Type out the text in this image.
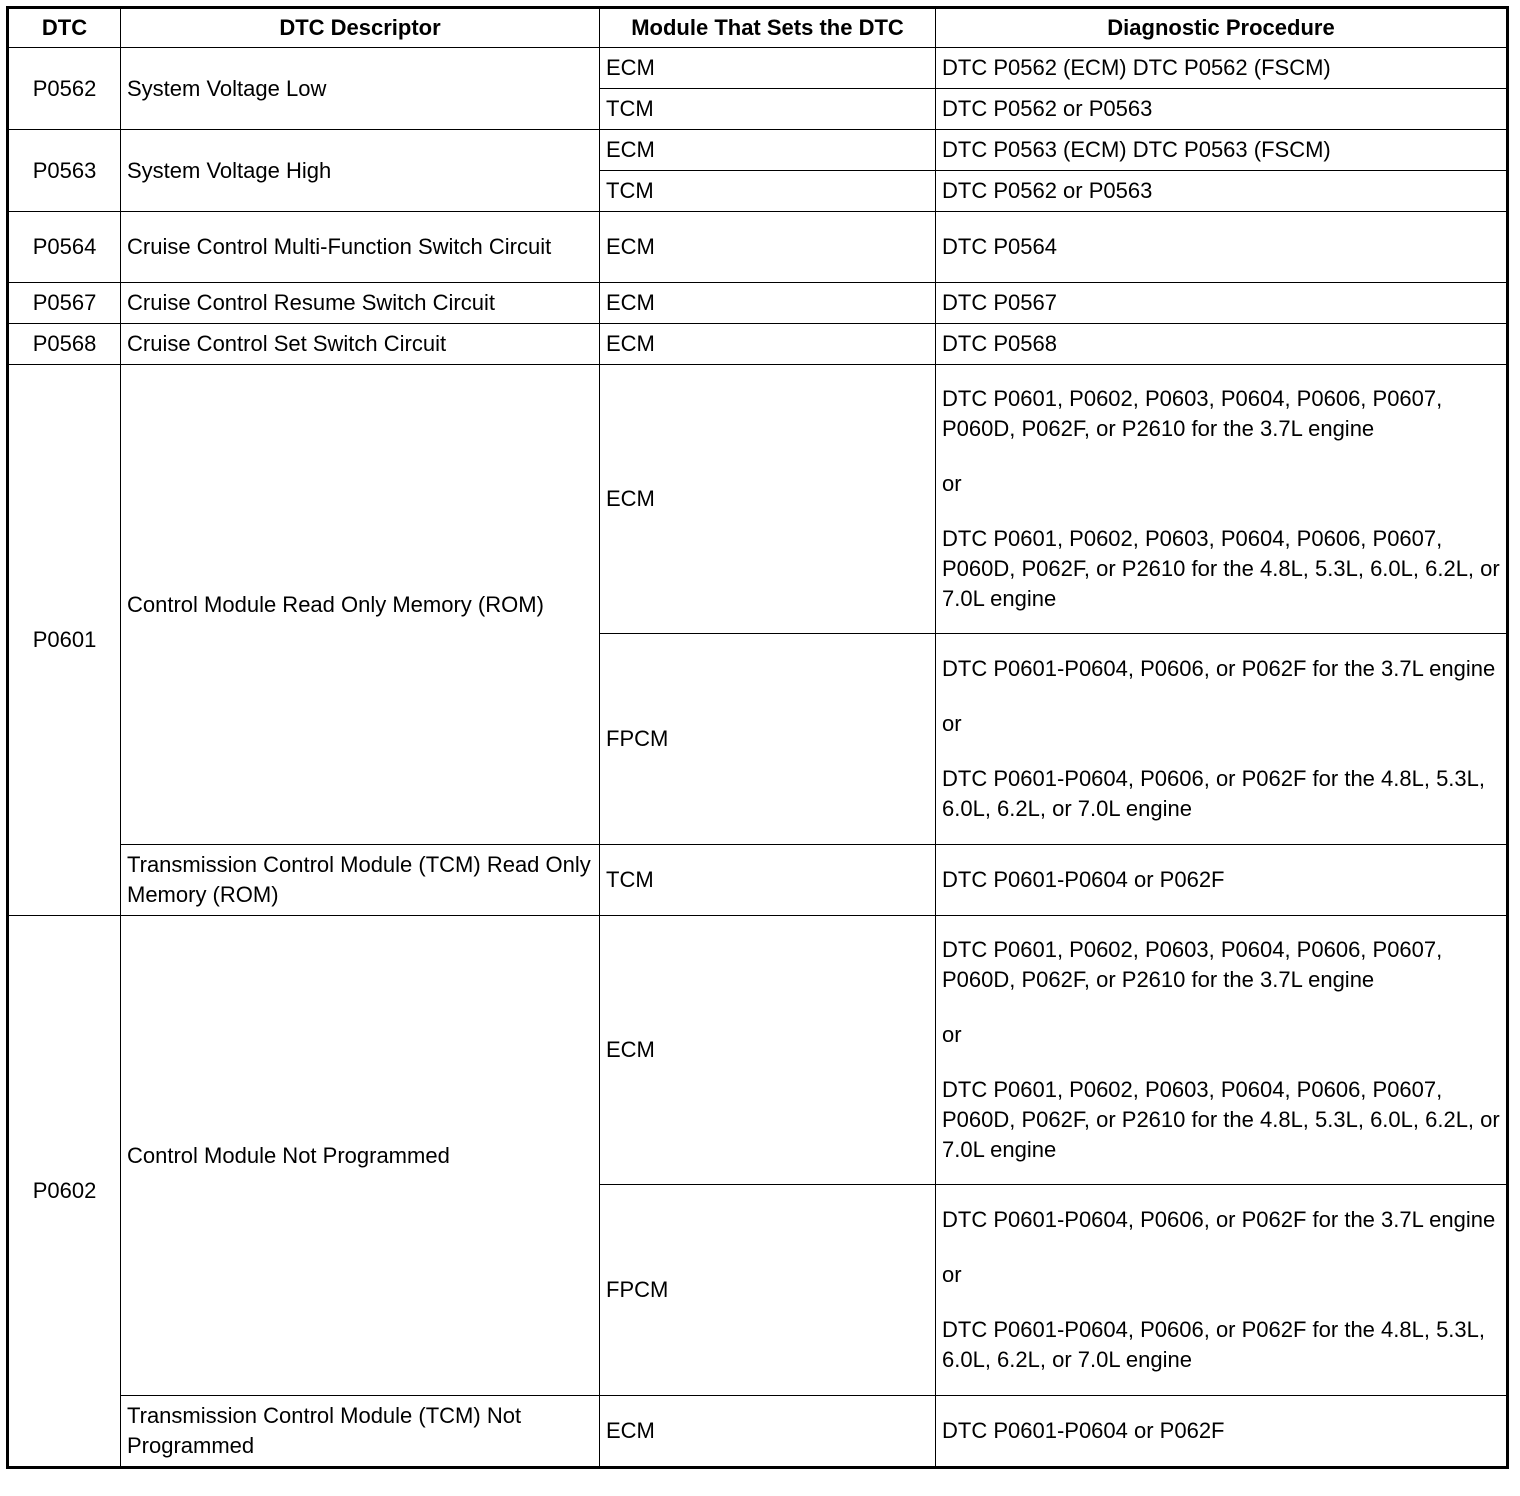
DTC	DTC Descriptor	Module That Sets the DTC	Diagnostic Procedure
P0562	System Voltage Low	ECM	DTC P0562 (ECM) DTC P0562 (FSCM)
		TCM	DTC P0562 or P0563
P0563	System Voltage High	ECM	DTC P0563 (ECM) DTC P0563 (FSCM)
		TCM	DTC P0562 or P0563
P0564	Cruise Control Multi-Function Switch Circuit	ECM	DTC P0564
P0567	Cruise Control Resume Switch Circuit	ECM	DTC P0567
P0568	Cruise Control Set Switch Circuit	ECM	DTC P0568
P0601	Control Module Read Only Memory (ROM)	ECM	DTC P0601, P0602, P0603, P0604, P0606, P0607, P060D, P062F, or P2610 for the 3.7L engine

or

DTC P0601, P0602, P0603, P0604, P0606, P0607, P060D, P062F, or P2610 for the 4.8L, 5.3L, 6.0L, 6.2L, or 7.0L engine

		FPCM	DTC P0601-P0604, P0606, or P062F for the 3.7L engine

or

DTC P0601-P0604, P0606, or P062F for the 4.8L, 5.3L, 6.0L, 6.2L, or 7.0L engine

	Transmission Control Module (TCM) Read Only Memory (ROM)	TCM	DTC P0601-P0604 or P062F
P0602	Control Module Not Programmed	ECM	DTC P0601, P0602, P0603, P0604, P0606, P0607, P060D, P062F, or P2610 for the 3.7L engine

or

DTC P0601, P0602, P0603, P0604, P0606, P0607, P060D, P062F, or P2610 for the 4.8L, 5.3L, 6.0L, 6.2L, or 7.0L engine

		FPCM	DTC P0601-P0604, P0606, or P062F for the 3.7L engine

or

DTC P0601-P0604, P0606, or P062F for the 4.8L, 5.3L, 6.0L, 6.2L, or 7.0L engine

	Transmission Control Module (TCM) Not Programmed	ECM	DTC P0601-P0604 or P062F
